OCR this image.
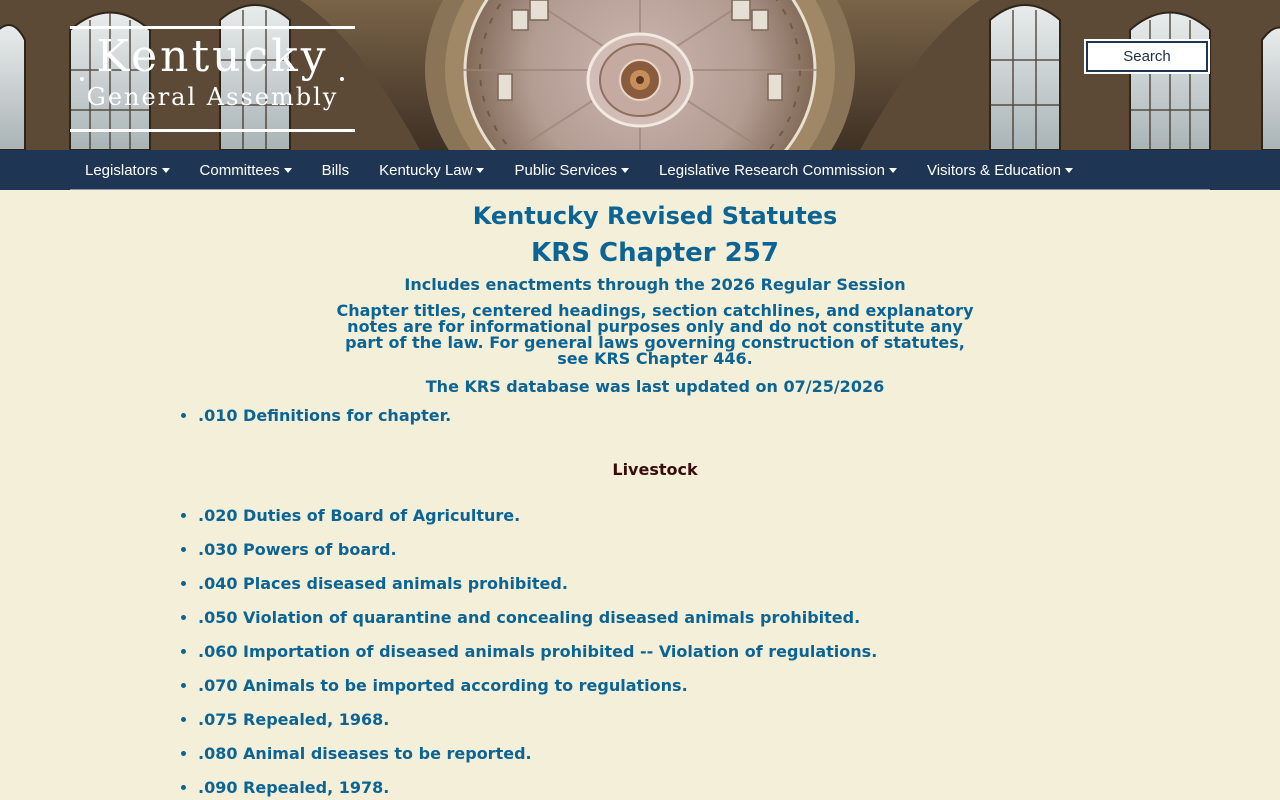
Kentucky
General Assembly
Search
Legislators	Committees	Bills Kentucky Law	Public Services	Legislative Research Commission	Visitors & Education
Kentucky Revised Statutes
KRS Chapter 257

Includes enactments through the 2026 Regular Session

Chapter titles, centered headings, section catchlines, and explanatory notes are for informational purposes only and do not constitute any part of the law. For general laws governing construction of statutes, see KRS Chapter 446.

The KRS database was last updated on 07/25/2026

• .010 Definitions for chapter.

Livestock

• .020 Duties of Board of Agriculture.
• .030 Powers of board.
• .040 Places diseased animals prohibited.
• .050 Violation of quarantine and concealing diseased animals prohibited.
• .060 Importation of diseased animals prohibited -- Violation of regulations.
• .070 Animals to be imported according to regulations.
• .075 Repealed, 1968.
• .080 Animal diseases to be reported.
• .090 Repealed, 1978.
